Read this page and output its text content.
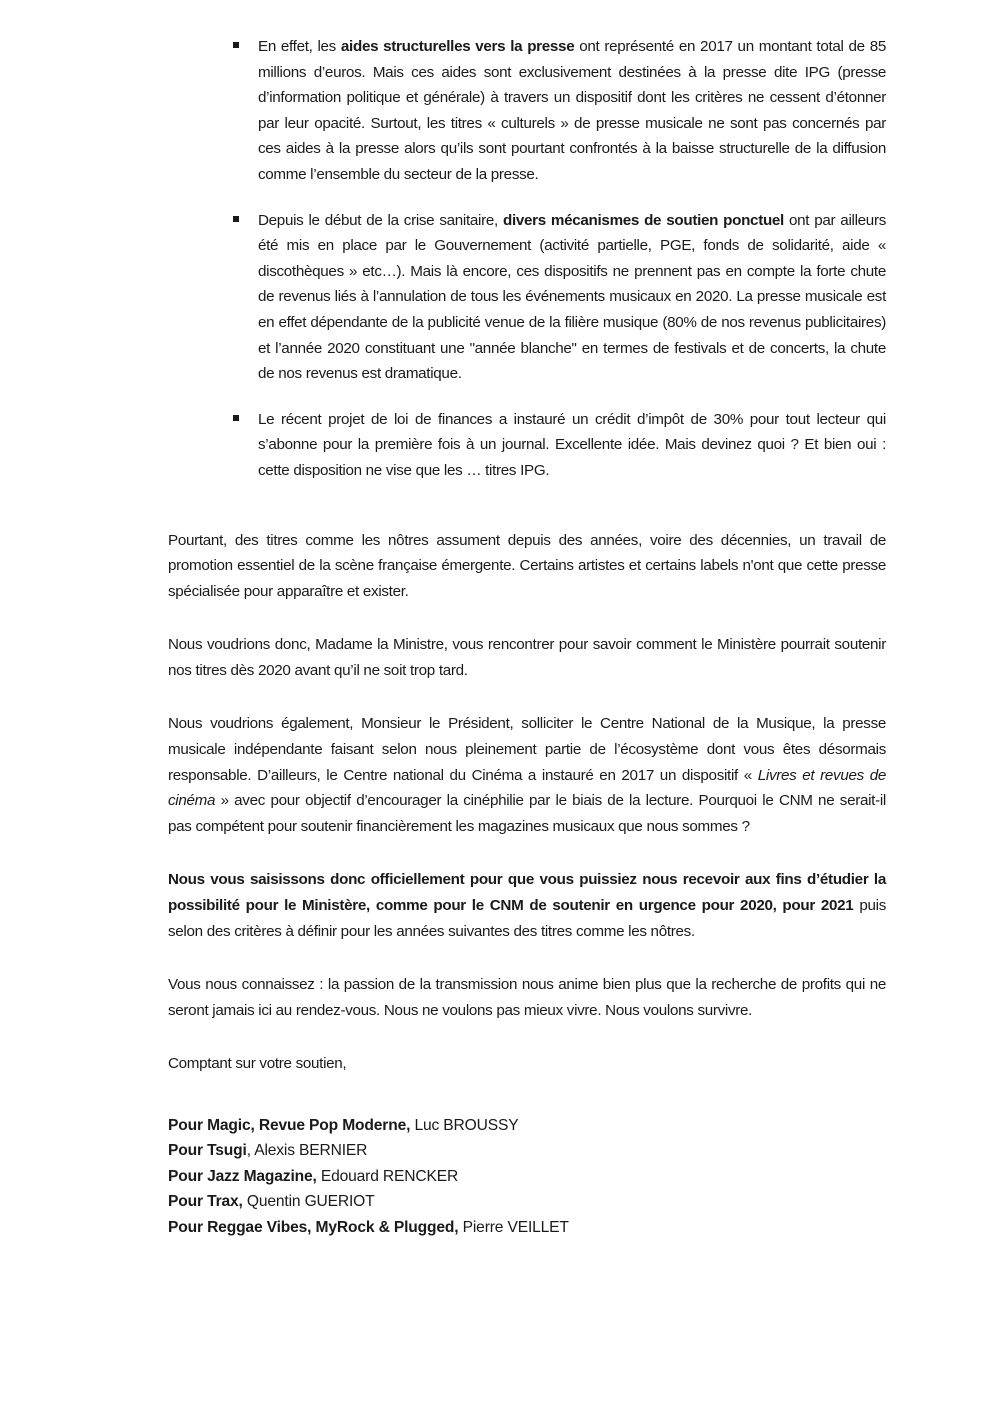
En effet, les aides structurelles vers la presse ont représenté en 2017 un montant total de 85 millions d’euros. Mais ces aides sont exclusivement destinées à la presse dite IPG (presse d’information politique et générale) à travers un dispositif dont les critères ne cessent d’étonner par leur opacité. Surtout, les titres « culturels » de presse musicale ne sont pas concernés par ces aides à la presse alors qu’ils sont pourtant confrontés à la baisse structurelle de la diffusion comme l’ensemble du secteur de la presse.
Depuis le début de la crise sanitaire, divers mécanismes de soutien ponctuel ont par ailleurs été mis en place par le Gouvernement (activité partielle, PGE, fonds de solidarité, aide « discothèques » etc…). Mais là encore, ces dispositifs ne prennent pas en compte la forte chute de revenus liés à l’annulation de tous les événements musicaux en 2020. La presse musicale est en effet dépendante de la publicité venue de la filière musique (80% de nos revenus publicitaires) et l’année 2020 constituant une "année blanche" en termes de festivals et de concerts, la chute de nos revenus est dramatique.
Le récent projet de loi de finances a instauré un crédit d’impôt de 30% pour tout lecteur qui s’abonne pour la première fois à un journal. Excellente idée. Mais devinez quoi ? Et bien oui : cette disposition ne vise que les … titres IPG.

Pourtant, des titres comme les nôtres assument depuis des années, voire des décennies, un travail de promotion essentiel de la scène française émergente. Certains artistes et certains labels n'ont que cette presse spécialisée pour apparaître et exister.

Nous voudrions donc, Madame la Ministre, vous rencontrer pour savoir comment le Ministère pourrait soutenir nos titres dès 2020 avant qu’il ne soit trop tard.

Nous voudrions également, Monsieur le Président, solliciter le Centre National de la Musique, la presse musicale indépendante faisant selon nous pleinement partie de l’écosystème dont vous êtes désormais responsable. D’ailleurs, le Centre national du Cinéma a instauré en 2017 un dispositif « Livres et revues de cinéma » avec pour objectif d’encourager la cinéphilie par le biais de la lecture. Pourquoi le CNM ne serait-il pas compétent pour soutenir financièrement les magazines musicaux que nous sommes ?

Nous vous saisissons donc officiellement pour que vous puissiez nous recevoir aux fins d’étudier la possibilité pour le Ministère, comme pour le CNM de soutenir en urgence pour 2020, pour 2021 puis selon des critères à définir pour les années suivantes des titres comme les nôtres.

Vous nous connaissez : la passion de la transmission nous anime bien plus que la recherche de profits qui ne seront jamais ici au rendez-vous. Nous ne voulons pas mieux vivre. Nous voulons survivre.

Comptant sur votre soutien,

Pour Magic, Revue Pop Moderne, Luc BROUSSY
Pour Tsugi, Alexis BERNIER
Pour Jazz Magazine, Edouard RENCKER
Pour Trax, Quentin GUERIOT
Pour Reggae Vibes, MyRock & Plugged, Pierre VEILLET
